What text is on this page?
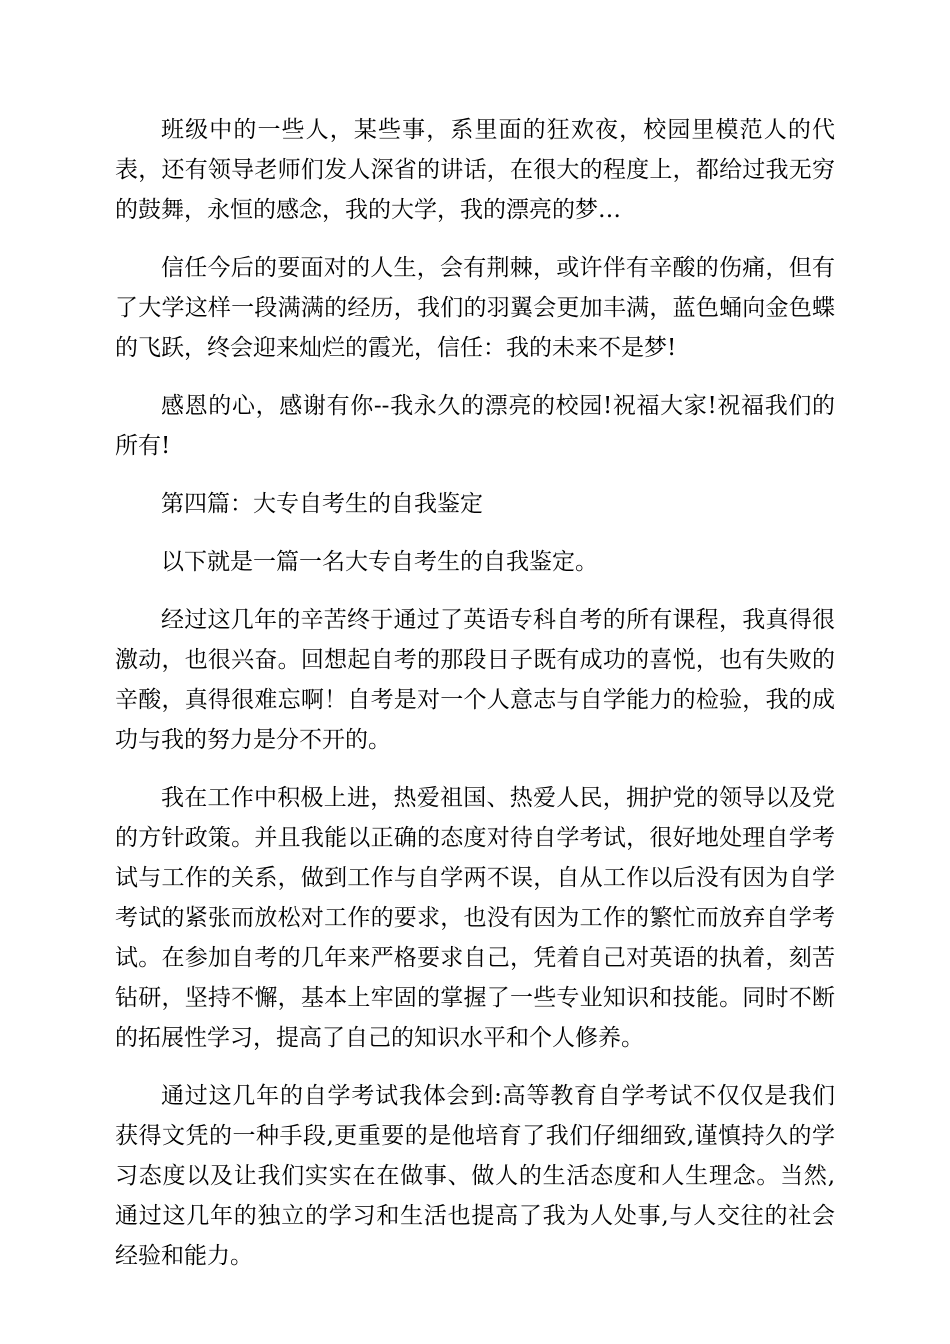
班级中的一些人，某些事，系里面的狂欢夜，校园里模范人的代表，还有领导老师们发人深省的讲话，在很大的程度上，都给过我无穷的鼓舞，永恒的感念，我的大学，我的漂亮的梦…

信任今后的要面对的人生，会有荆棘，或许伴有辛酸的伤痛，但有了大学这样一段满满的经历，我们的羽翼会更加丰满，蓝色蛹向金色蝶的飞跃，终会迎来灿烂的霞光，信任：我的未来不是梦!

感恩的心，感谢有你--我永久的漂亮的校园!祝福大家!祝福我们的所有!

第四篇：大专自考生的自我鉴定

以下就是一篇一名大专自考生的自我鉴定。

经过这几年的辛苦终于通过了英语专科自考的所有课程，我真得很激动，也很兴奋。回想起自考的那段日子既有成功的喜悦，也有失败的辛酸，真得很难忘啊！自考是对一个人意志与自学能力的检验，我的成功与我的努力是分不开的。

我在工作中积极上进，热爱祖国、热爱人民，拥护党的领导以及党的方针政策。并且我能以正确的态度对待自学考试，很好地处理自学考试与工作的关系，做到工作与自学两不误，自从工作以后没有因为自学考试的紧张而放松对工作的要求，也没有因为工作的繁忙而放弃自学考试。在参加自考的几年来严格要求自己，凭着自己对英语的执着，刻苦钻研，坚持不懈，基本上牢固的掌握了一些专业知识和技能。同时不断的拓展性学习，提高了自己的知识水平和个人修养。

通过这几年的自学考试我体会到:高等教育自学考试不仅仅是我们获得文凭的一种手段,更重要的是他培育了我们仔细细致,谨慎持久的学习态度以及让我们实实在在做事、做人的生活态度和人生理念。当然,通过这几年的独立的学习和生活也提高了我为人处事,与人交往的社会经验和能力。
